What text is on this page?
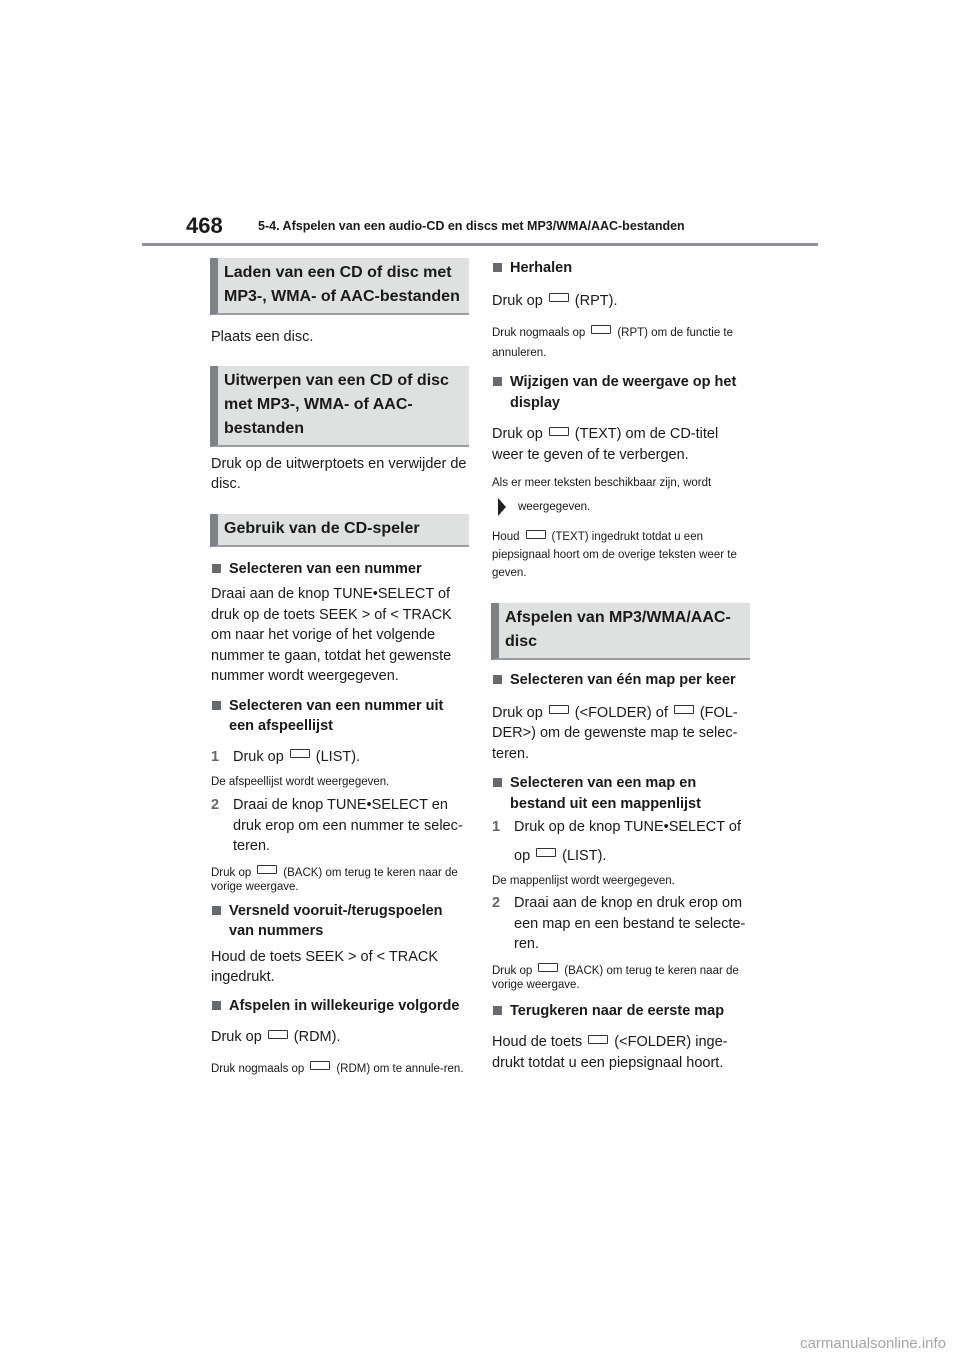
468	5-4. Afspelen van een audio-CD en discs met MP3/WMA/AAC-bestanden
Laden van een CD of disc met MP3-, WMA- of AAC-bestanden

Plaats een disc.

Uitwerpen van een CD of disc met MP3-, WMA- of AAC-bestanden

Druk op de uitwerptoets en verwijder de disc.

Gebruik van de CD-speler

Selecteren van een nummer

Draai aan de knop TUNE•SELECT of druk op de toets SEEK > of < TRACK om naar het vorige of het volgende nummer te gaan, totdat het gewenste nummer wordt weergegeven.

Selecteren van een nummer uit een afspeellijst

1 Druk op (LIST).

De afspeellijst wordt weergegeven.

2 Draai de knop TUNE•SELECT en druk erop om een nummer te selec-teren.

Druk op	(BACK) om terug te keren naar de vorige weergave.

Versneld vooruit-/terugspoelen van nummers

Houd de toets SEEK > of < TRACK ingedrukt.

Afspelen in willekeurige volgorde

Druk op (RDM).

Druk nogmaals op	(RDM) om te annule-ren.

Herhalen

Druk op (RPT).

Druk nogmaals op	(RPT) om de functie te annuleren.

Wijzigen van de weergave op het display

Druk op (TEXT) om de CD-titel weer te geven of te verbergen.

Als er meer teksten beschikbaar zijn, wordt

weergegeven.

Houd	(TEXT) ingedrukt totdat u een piepsignaal hoort om de overige teksten weer te geven.

Afspelen van MP3/WMA/AAC-disc

Selecteren van één map per keer

Druk op (<FOLDER) of (FOL-DER>) om de gewenste map te selec-teren.

Selecteren van een map en bestand uit een mappenlijst

1 Druk op de knop TUNE•SELECT of

op (LIST).

De mappenlijst wordt weergegeven.

2 Draai aan de knop en druk erop om een map en een bestand te selecte-ren.

Druk op	(BACK) om terug te keren naar de vorige weergave.

Terugkeren naar de eerste map

Houd de toets (<FOLDER) inge-drukt totdat u een piepsignaal hoort.

carmanualsonline.info
